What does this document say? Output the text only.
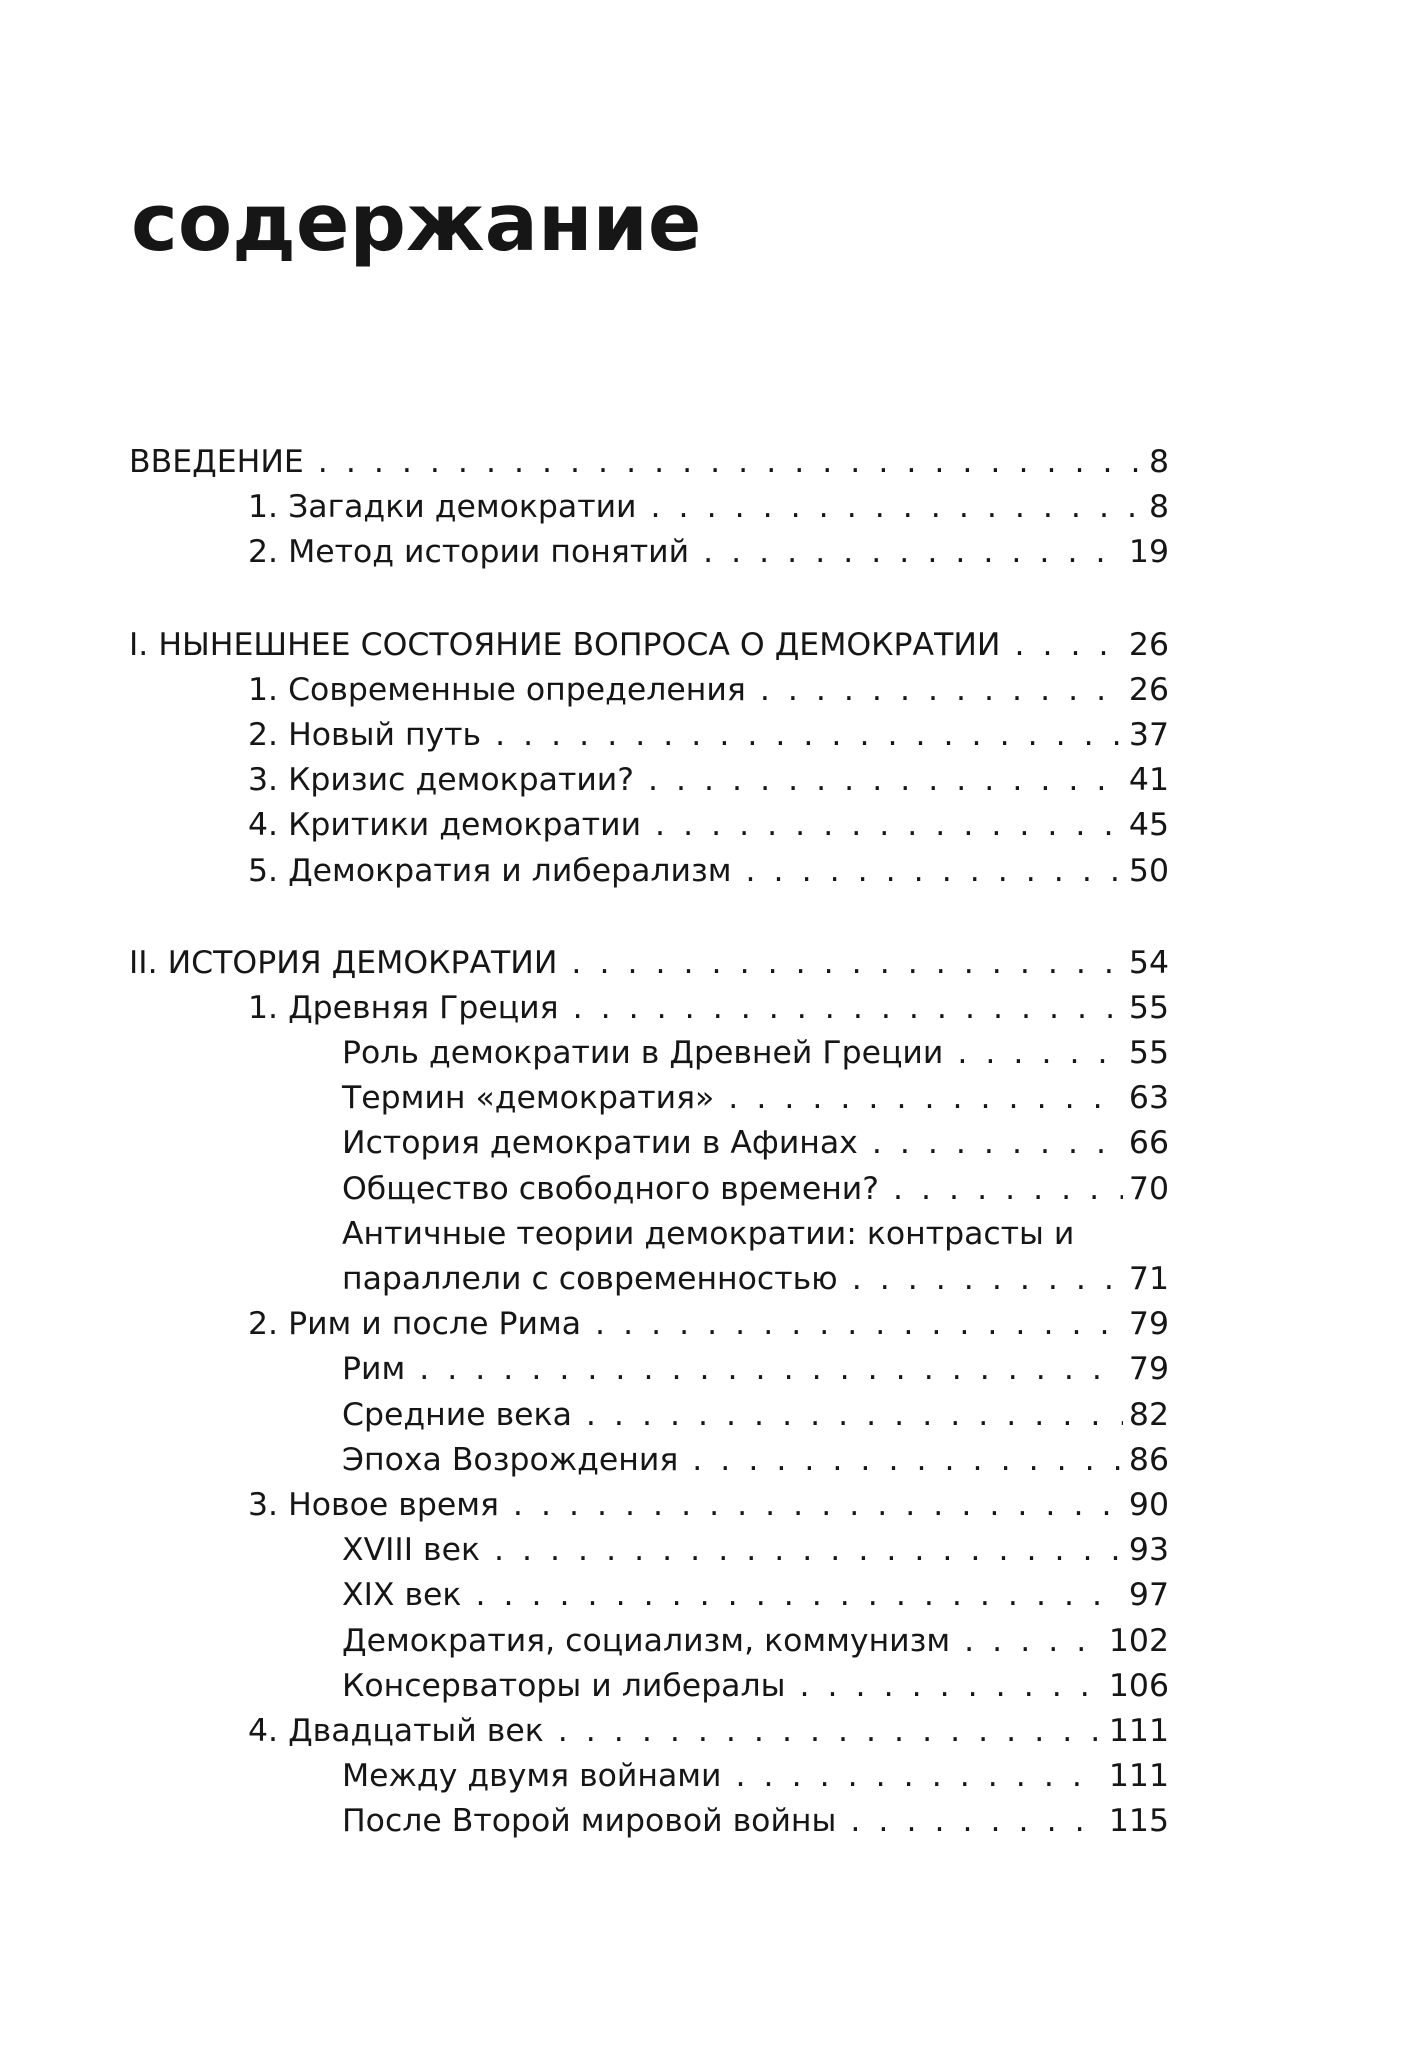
содержание
ВВЕДЕНИЕ . . .	8
1. Загадки демократии . . .	8
2. Метод истории понятий . . .	19
I. НЫНЕШНЕЕ СОСТОЯНИЕ ВОПРОСА О ДЕМОКРАТИИ . . .	26
1. Современные определения . . .	26
2. Новый путь . . .	37
3. Кризис демократии? . . .	41
4. Критики демократии . . .	45
5. Демократия и либерализм . . .	50
II. ИСТОРИЯ ДЕМОКРАТИИ . . .	54
1. Древняя Греция . . .	55
Роль демократии в Древней Греции . . .	55
Термин «демократия» . . .	63
История демократии в Афинах . . .	66
Общество свободного времени? . . .	70
Античные теории демократии: контрасты и
параллели с современностью . . .	71
2. Рим и после Рима . . .	79
Рим . . .	79
Средние века . . .	82
Эпоха Возрождения . . .	86
3. Новое время . . .	90
XVIII век . . .	93
XIX век . . .	97
Демократия, социализм, коммунизм . . .	102
Консерваторы и либералы . . .	106
4. Двадцатый век . . .	111
Между двумя войнами . . .	111
После Второй мировой войны . . .	115
